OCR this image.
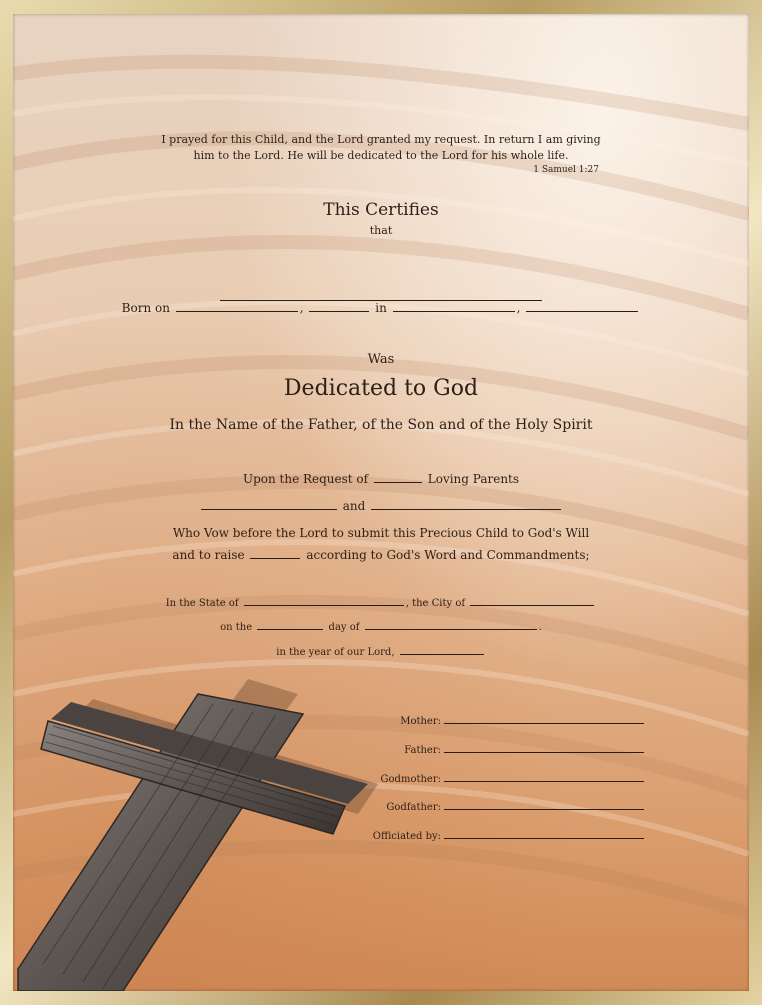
I prayed for this Child, and the Lord granted my request. In return I am giving
him to the Lord. He will be dedicated to the Lord for his whole life.
1 Samuel 1:27
This Certifies
that
Born on	,	in	,
Was
Dedicated to God
In the Name of the Father, of the Son and of the Holy Spirit
Upon the Request of	Loving Parents
and
Who Vow before the Lord to submit this Precious Child to God's Will
and to raise	according to God's Word and Commandments;
In the State of	, the City of
on the	day of	.
in the year of our Lord,
Mother:
Father:
Godmother:
Godfather:
Officiated by:
